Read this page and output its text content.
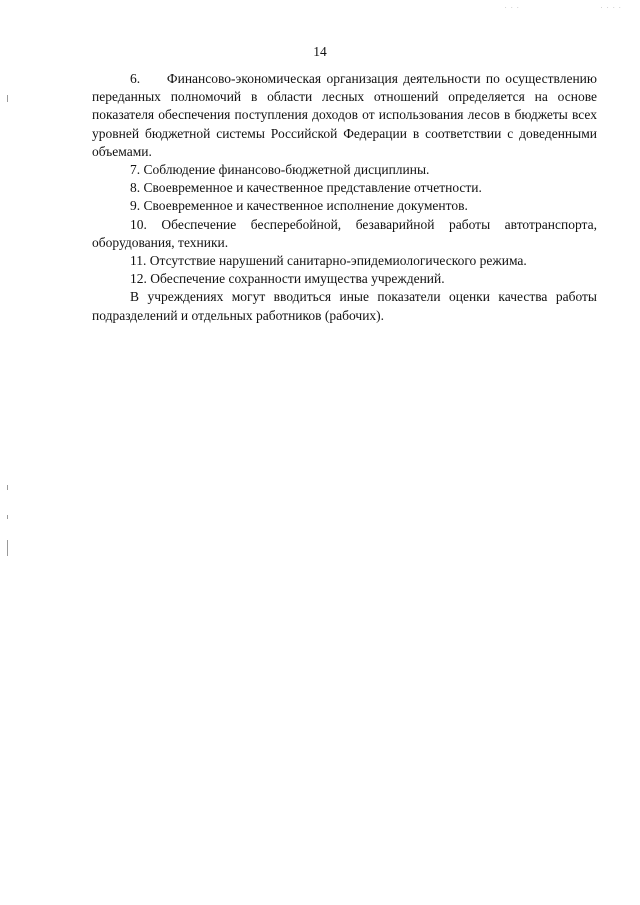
· · ·	· · · ·
14

6.     Финансово-экономическая организация деятельности по осуществлению переданных полномочий в области лесных отношений определяется на основе показателя обеспечения поступления доходов от использования лесов в бюджеты всех уровней бюджетной системы Российской Федерации в соответствии с доведенными объемами.

7. Соблюдение финансово-бюджетной дисциплины.

8. Своевременное и качественное представление отчетности.

9. Своевременное и качественное исполнение документов.

10. Обеспечение бесперебойной, безаварийной работы автотранспорта, оборудования, техники.

11. Отсутствие нарушений санитарно-эпидемиологического режима.

12. Обеспечение сохранности имущества учреждений.

В учреждениях могут вводиться иные показатели оценки качества работы подразделений и отдельных работников (рабочих).
